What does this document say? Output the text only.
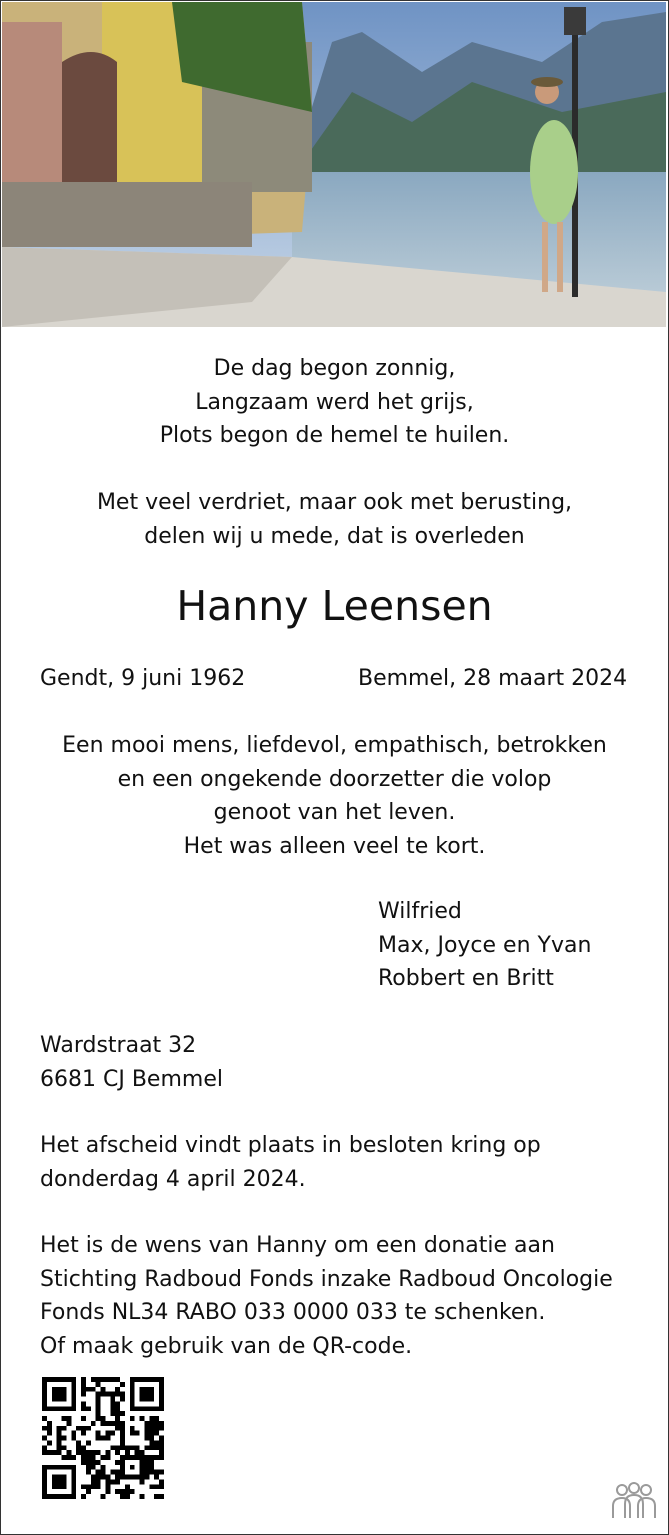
De dag begon zonnig,
Langzaam werd het grijs,
Plots begon de hemel te huilen.
Met veel verdriet, maar ook met berusting,
delen wij u mede, dat is overleden
Hanny Leensen
Gendt, 9 juni 1962	Bemmel, 28 maart 2024
Een mooi mens, liefdevol, empathisch, betrokken
en een ongekende doorzetter die volop
genoot van het leven.
Het was alleen veel te kort.
Wilfried
Max, Joyce en Yvan
Robbert en Britt
Wardstraat 32
6681 CJ Bemmel
Het afscheid vindt plaats in besloten kring op
donderdag 4 april 2024.
Het is de wens van Hanny om een donatie aan
Stichting Radboud Fonds inzake Radboud Oncologie
Fonds NL34 RABO 033 0000 033 te schenken.
Of maak gebruik van de QR-code.
